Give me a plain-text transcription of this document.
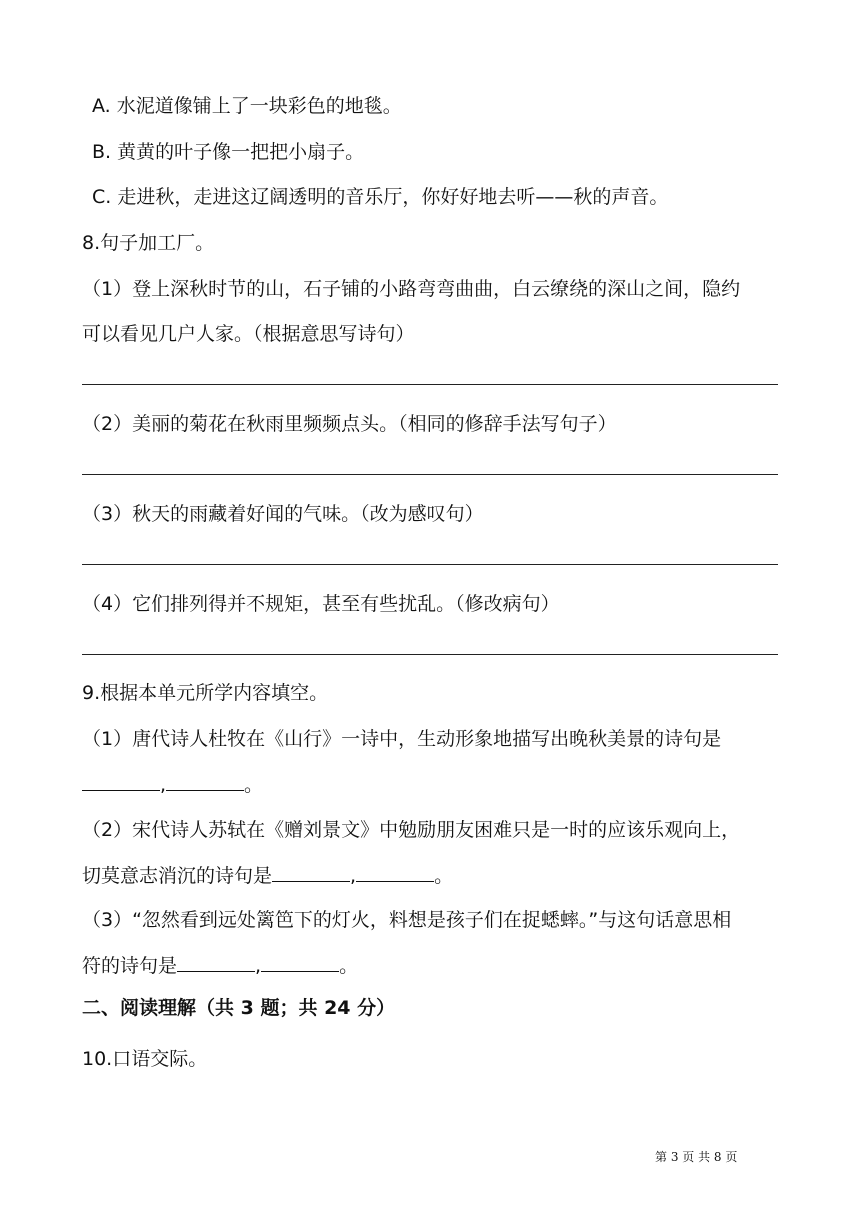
A. 水泥道像铺上了一块彩色的地毯。
B. 黄黄的叶子像一把把小扇子。
C. 走进秋，走进这辽阔透明的音乐厅，你好好地去听——秋的声音。
8.句子加工厂。
（1）登上深秋时节的山，石子铺的小路弯弯曲曲，白云缭绕的深山之间，隐约
可以看见几户人家。（根据意思写诗句）
（2）美丽的菊花在秋雨里频频点头。（相同的修辞手法写句子）
（3）秋天的雨藏着好闻的气味。（改为感叹句）
（4）它们排列得并不规矩，甚至有些扰乱。（修改病句）
9.根据本单元所学内容填空。
（1）唐代诗人杜牧在《山行》一诗中，生动形象地描写出晚秋美景的诗句是
,	。
（2）宋代诗人苏轼在《赠刘景文》中勉励朋友困难只是一时的应该乐观向上，
切莫意志消沉的诗句是	,	。
（3）“忽然看到远处篱笆下的灯火，料想是孩子们在捉蟋蟀。”与这句话意思相
符的诗句是	,	。
二、阅读理解（共 3 题；共 24 分）
10.口语交际。
第 3 页 共 8 页
